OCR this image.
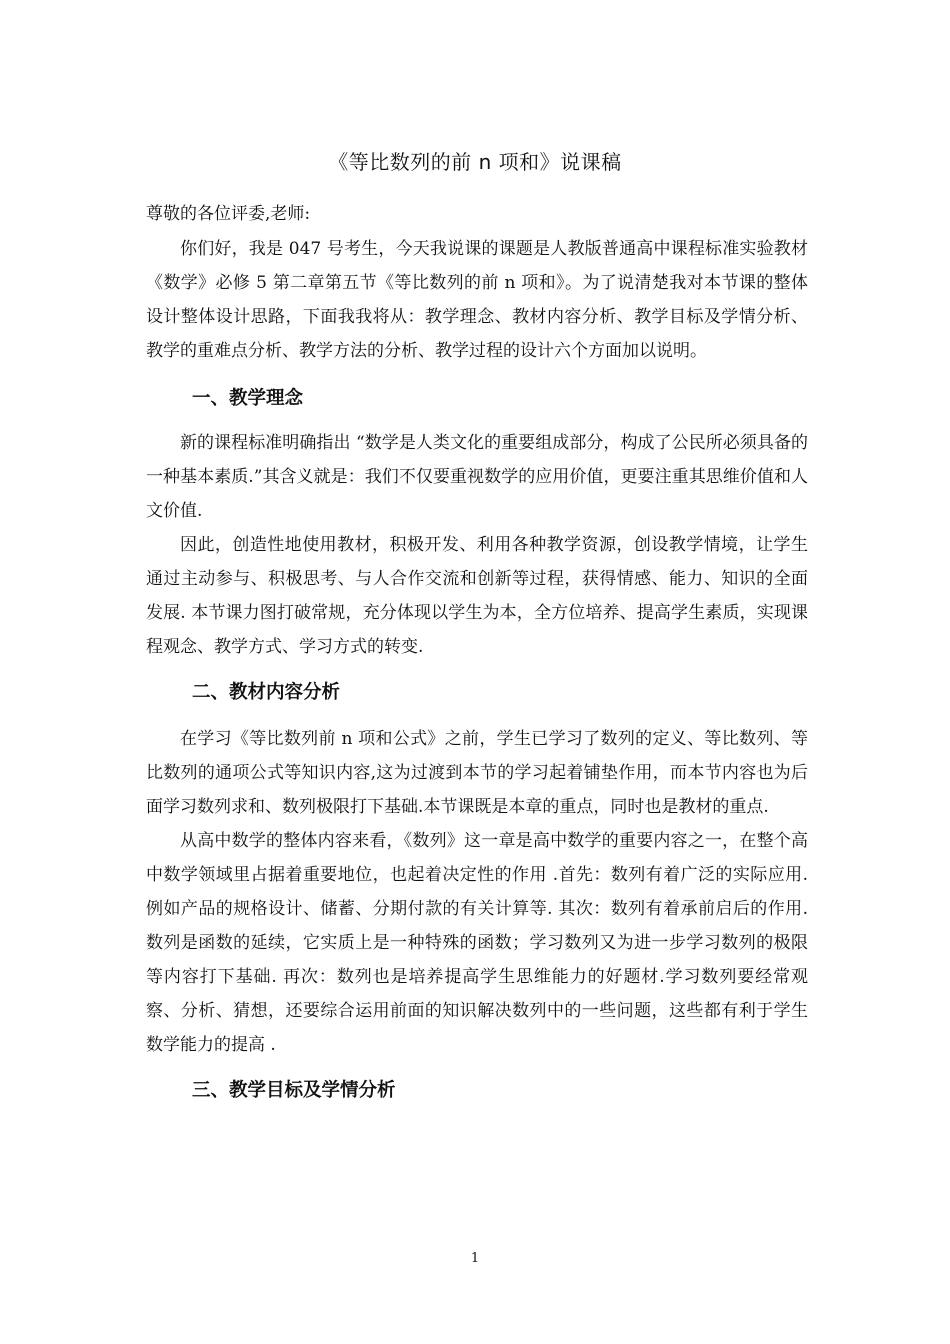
《等比数列的前 n 项和》说课稿
尊敬的各位评委,老师:

你们好，我是 047 号考生，今天我说课的课题是人教版普通高中课程标准实验教材《数学》必修 5 第二章第五节《等比数列的前 n 项和》。为了说清楚我对本节课的整体设计整体设计思路，下面我我将从：教学理念、教材内容分析、教学目标及学情分析、教学的重难点分析、教学方法的分析、教学过程的设计六个方面加以说明。

一、教学理念

新的课程标准明确指出 “数学是人类文化的重要组成部分，构成了公民所必须具备的一种基本素质.”其含义就是：我们不仅要重视数学的应用价值，更要注重其思维价值和人文价值.

因此，创造性地使用教材，积极开发、利用各种教学资源，创设教学情境，让学生通过主动参与、积极思考、与人合作交流和创新等过程，获得情感、能力、知识的全面发展. 本节课力图打破常规，充分体现以学生为本，全方位培养、提高学生素质，实现课程观念、教学方式、学习方式的转变.

二、教材内容分析

在学习《等比数列前 n 项和公式》之前，学生已学习了数列的定义、等比数列、等比数列的通项公式等知识内容,这为过渡到本节的学习起着铺垫作用，而本节内容也为后面学习数列求和、数列极限打下基础.本节课既是本章的重点，同时也是教材的重点.

从高中数学的整体内容来看，《数列》这一章是高中数学的重要内容之一，在整个高中数学领域里占据着重要地位，也起着决定性的作用 .首先：数列有着广泛的实际应用.例如产品的规格设计、储蓄、分期付款的有关计算等. 其次：数列有着承前启后的作用.数列是函数的延续，它实质上是一种特殊的函数；学习数列又为进一步学习数列的极限等内容打下基础. 再次：数列也是培养提高学生思维能力的好题材.学习数列要经常观察、分析、猜想，还要综合运用前面的知识解决数列中的一些问题，这些都有利于学生数学能力的提高 .

三、教学目标及学情分析
1
